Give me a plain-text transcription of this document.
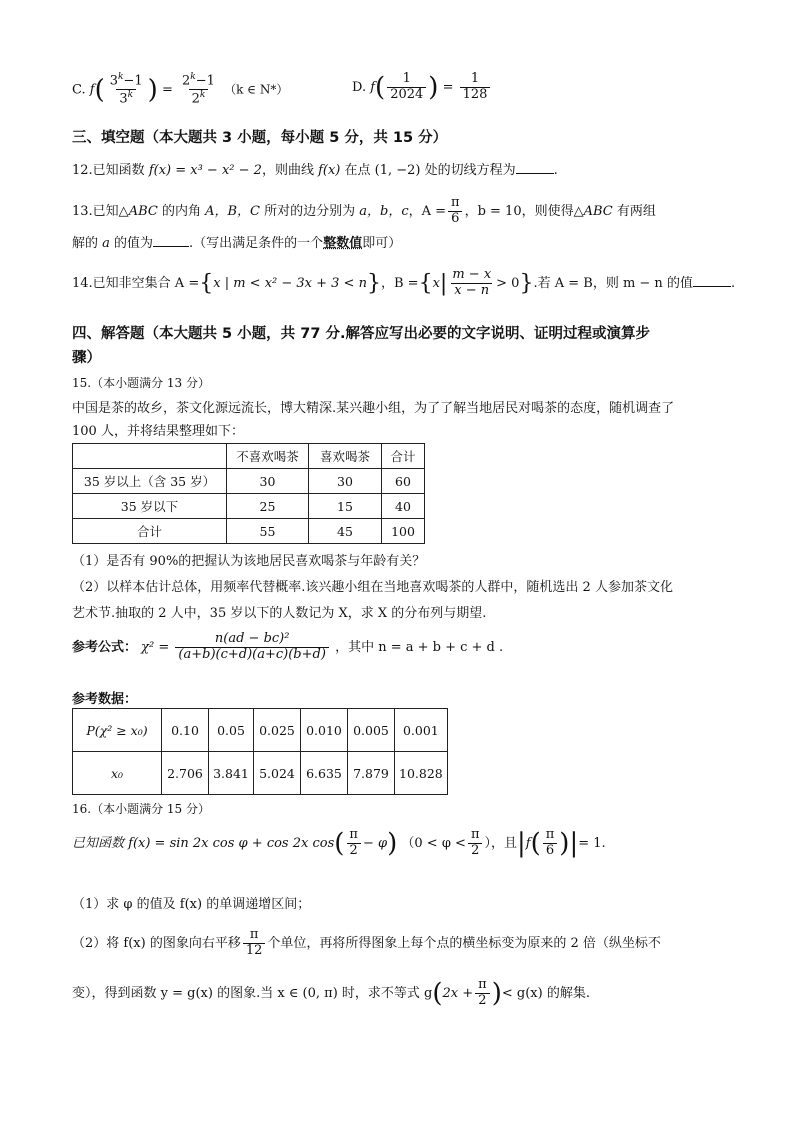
C. $f( \frac{3^k-1}{3^k}$ ) = $\frac{2^k-1}{2^k} (k$ ∈ N*）	D. $f( \frac{1}{2024}$ ) = $\frac{1}{128}$
三、填空题（本大题共 3 小题，每小题 5 分，共 15 分）
12.已知函数 f(x) = x³ − x² − 2，则曲线 f(x) 在点 (1, −2) 处的切线方程为	.
13.已知△ABC 的内角 A，B，C 所对的边分别为 a，b，c，$A = \frac{\pi}{6}$ ，b = 10，则使得△ABC 有两组
解的 a 的值为	.（写出满足条件的一个整数值即可）
14.已知非空集合 A ={x | m < x² − 3x + 3 < n}，$B =\{x| \frac{m - x}{x - n} > 0\}$.若 A = B，则 m − n 的值	.
四、解答题（本大题共 5 小题，共 77 分.解答应写出必要的文字说明、证明过程或演算步
骤）
15.（本小题满分 13 分）
中国是茶的故乡，茶文化源远流长，博大精深.某兴趣小组，为了了解当地居民对喝茶的态度，随机调查了
100 人，并将结果整理如下：
	不喜欢喝茶	喜欢喝茶	合计
35 岁以上（含 35 岁）	30	30	60
35 岁以下	25	15	40
合计	55	45	100
（1）是否有 90%的把握认为该地居民喜欢喝茶与年龄有关？
（2）以样本估计总体，用频率代替概率.该兴趣小组在当地喜欢喝茶的人群中，随机选出 2 人参加茶文化
艺术节.抽取的 2 人中，35 岁以下的人数记为 X，求 X 的分布列与期望.
参考公式： $\chi^2 = \frac{\text{n(ad − bc)²}}{(a+b)(c+d)(a+c)(b+d)}$ ，其中 n = a + b + c + d .
参考数据：
P(χ² ≥ x₀)	0.10	0.05	0.025	0.010	0.005	0.001
x₀	2.706	3.841	5.024	6.635	7.879	10.828
16.（本小题满分 15 分）
已知函数 f(x) = sin 2x cos φ + cos 2x $\cos( \frac{\pi}{2} - \varphi)$ （$0 < \varphi < \frac{\pi}{2}$ ），且$|f( \frac{\pi}{6}$ )|= 1.
（1）求 φ 的值及 f(x) 的单调递增区间；
（2）将 f(x) 的图象向右平移 $\frac{\pi}{12}$ 个单位，再将所得图象上每个点的横坐标变为原来的 2 倍（纵坐标不
变），得到函数 y = g(x) 的图象.当 x ∈ (0, π) 时，求不等式 $g(2x + \frac{\pi}{2}$ )< g(x) 的解集.
